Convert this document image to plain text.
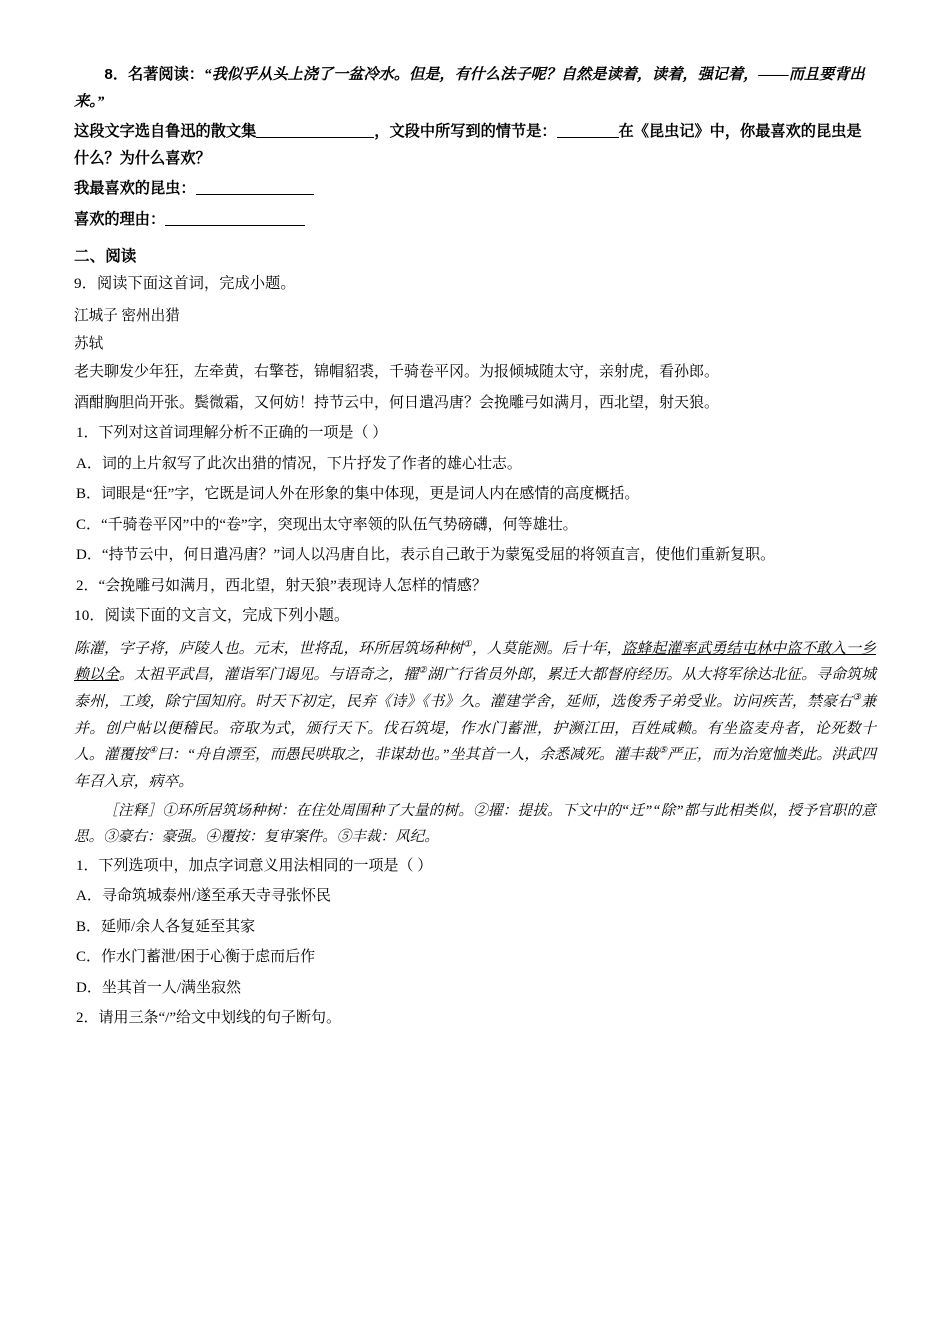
8．名著阅读：“我似乎从头上浇了一盆冷水。但是，有什么法子呢？自然是读着，读着，强记着，——而且要背出来。”
这段文字选自鲁迅的散文集	，文段中所写到的情节是：	在《昆虫记》中，你最喜欢的昆虫是什么？为什么喜欢？
我最喜欢的昆虫：
喜欢的理由：
二、阅读
9．阅读下面这首词，完成小题。
江城子 密州出猎
苏轼
老夫聊发少年狂，左牵黄，右擎苍，锦帽貂裘，千骑卷平冈。为报倾城随太守，亲射虎，看孙郎。
酒酣胸胆尚开张。鬓微霜，又何妨！持节云中，何日遣冯唐？会挽雕弓如满月，西北望，射天狼。
1．下列对这首词理解分析不正确的一项是（ ）
A．词的上片叙写了此次出猎的情况，下片抒发了作者的雄心壮志。
B．词眼是“狂”字，它既是词人外在形象的集中体现，更是词人内在感情的高度概括。
C．“千骑卷平冈”中的“卷”字，突现出太守率领的队伍气势磅礴，何等雄壮。
D．“持节云中，何日遣冯唐？”词人以冯唐自比，表示自己敢于为蒙冤受屈的将领直言，使他们重新复职。
2．“会挽雕弓如满月，西北望，射天狼”表现诗人怎样的情感？
10．阅读下面的文言文，完成下列小题。
陈灌，字子将，庐陵人也。元末，世将乱，环所居筑场种树①，人莫能测。后十年，盗蜂起灌率武勇结屯林中盗不敢入一乡赖以全。太祖平武昌，灌诣军门谒见。与语奇之，擢②湖广行省员外郎，累迁大都督府经历。从大将军徐达北征。寻命筑城泰州，工竣，除宁国知府。时天下初定，民弃《诗》《书》久。灌建学舍，延师，选俊秀子弟受业。访问疾苦，禁豪右③兼并。创户帖以便稽民。帝取为式，颁行天下。伐石筑堤，作水门蓄泄，护濒江田，百姓咸赖。有坐盗麦舟者，论死数十人。灌覆按④曰：“舟自漂至，而愚民哄取之，非谋劫也。”坐其首一人，余悉减死。灌丰裁⑤严正，而为治宽恤类此。洪武四年召入京，病卒。
［注释］①环所居筑场种树：在住处周围种了大量的树。②擢：提拔。下文中的“迁”“除”都与此相类似，授予官职的意思。③豪右：豪强。④覆按：复审案件。⑤丰裁：风纪。
1．下列选项中，加点字词意义用法相同的一项是（ ）
A．寻命筑城泰州/遂至承天寺寻张怀民
B．延师/余人各复延至其家
C．作水门蓄泄/困于心衡于虑而后作
D．坐其首一人/满坐寂然
2．请用三条“/”给文中划线的句子断句。
